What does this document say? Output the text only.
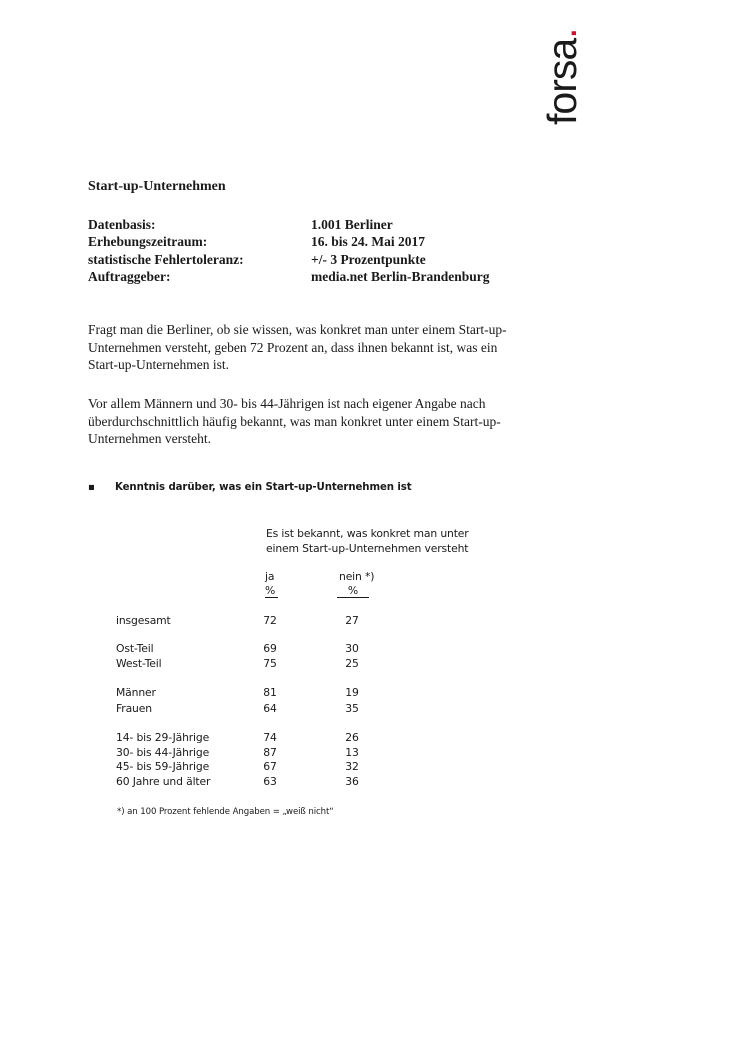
forsa.
Start-up-Unternehmen
Datenbasis:	1.001 Berliner
Erhebungszeitraum:	16. bis 24. Mai 2017
statistische Fehlertoleranz:	+/- 3 Prozentpunkte
Auftraggeber:	media.net Berlin-Brandenburg
Fragt man die Berliner, ob sie wissen, was konkret man unter einem Start-up-
Unternehmen versteht, geben 72 Prozent an, dass ihnen bekannt ist, was ein
Start-up-Unternehmen ist.
Vor allem Männern und 30- bis 44-Jährigen ist nach eigener Angabe nach
überdurchschnittlich häufig bekannt, was man konkret unter einem Start-up-
Unternehmen versteht.
▪ Kenntnis darüber, was ein Start-up-Unternehmen ist
Es ist bekannt, was konkret man unter
einem Start-up-Unternehmen versteht
ja	nein *)
%	%
insgesamt	72	27
Ost-Teil	69	30
West-Teil	75	25
Männer	81	19
Frauen	64	35
14- bis 29-Jährige	74	26
30- bis 44-Jährige	87	13
45- bis 59-Jährige	67	32
60 Jahre und älter	63	36
*) an 100 Prozent fehlende Angaben = „weiß nicht“
